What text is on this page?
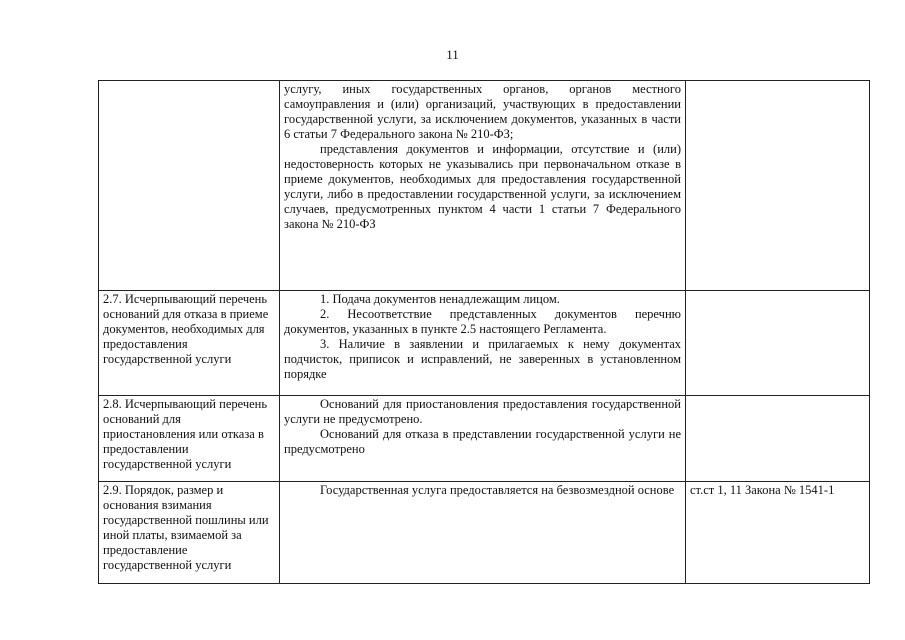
11

	услугу, иных государственных органов, органов местного самоуправления и (или) организаций, участвующих в предоставлении государственной услуги, за исключением документов, указанных в части 6 статьи 7 Федерального закона № 210-ФЗ;

представления документов и информации, отсутствие и (или) недостоверность которых не указывались при первоначальном отказе в приеме документов, необходимых для предоставления государственной услуги, либо в предоставлении государственной услуги, за исключением случаев, предусмотренных пунктом 4 части 1 статьи 7 Федерального закона № 210-ФЗ	

2.7. Исчерпывающий перечень оснований для отказа в приеме документов, необходимых для предоставления государственной услуги	1. Подача документов ненадлежащим лицом.

2. Несоответствие представленных документов перечню документов, указанных в пункте 2.5 настоящего Регламента.

3. Наличие в заявлении и прилагаемых к нему документах подчисток, приписок и исправлений, не заверенных в установленном порядке	

2.8. Исчерпывающий перечень оснований для приостановления или отказа в предоставлении государственной услуги	Оснований для приостановления предоставления государственной услуги не предусмотрено.

Оснований для отказа в представлении государственной услуги не предусмотрено	

2.9. Порядок, размер и основания взимания государственной пошлины или иной платы, взимаемой за предоставление государственной услуги	Государственная услуга предоставляется на безвозмездной основе	ст.ст 1, 11 Закона № 1541-1
